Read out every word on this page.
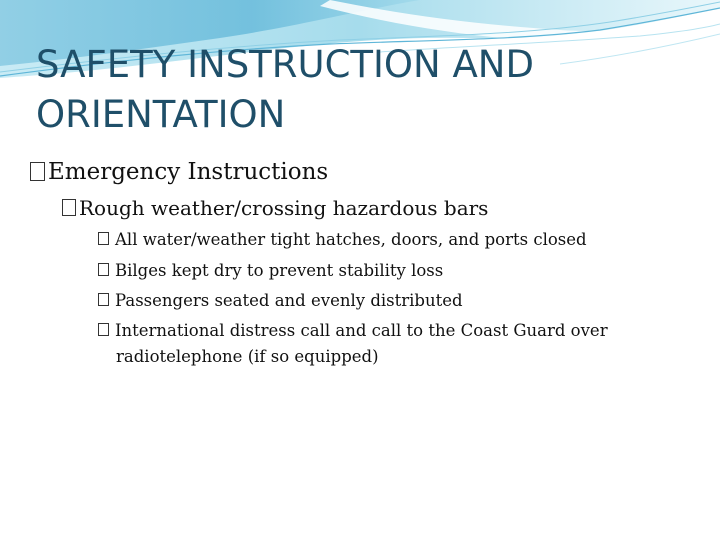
SAFETY INSTRUCTION AND
ORIENTATION
Emergency Instructions
Rough weather/crossing hazardous bars
All water/weather tight hatches, doors, and ports closed
Bilges kept dry to prevent stability loss
Passengers seated and evenly distributed
International distress call and call to the Coast Guard over
radiotelephone (if so equipped)
